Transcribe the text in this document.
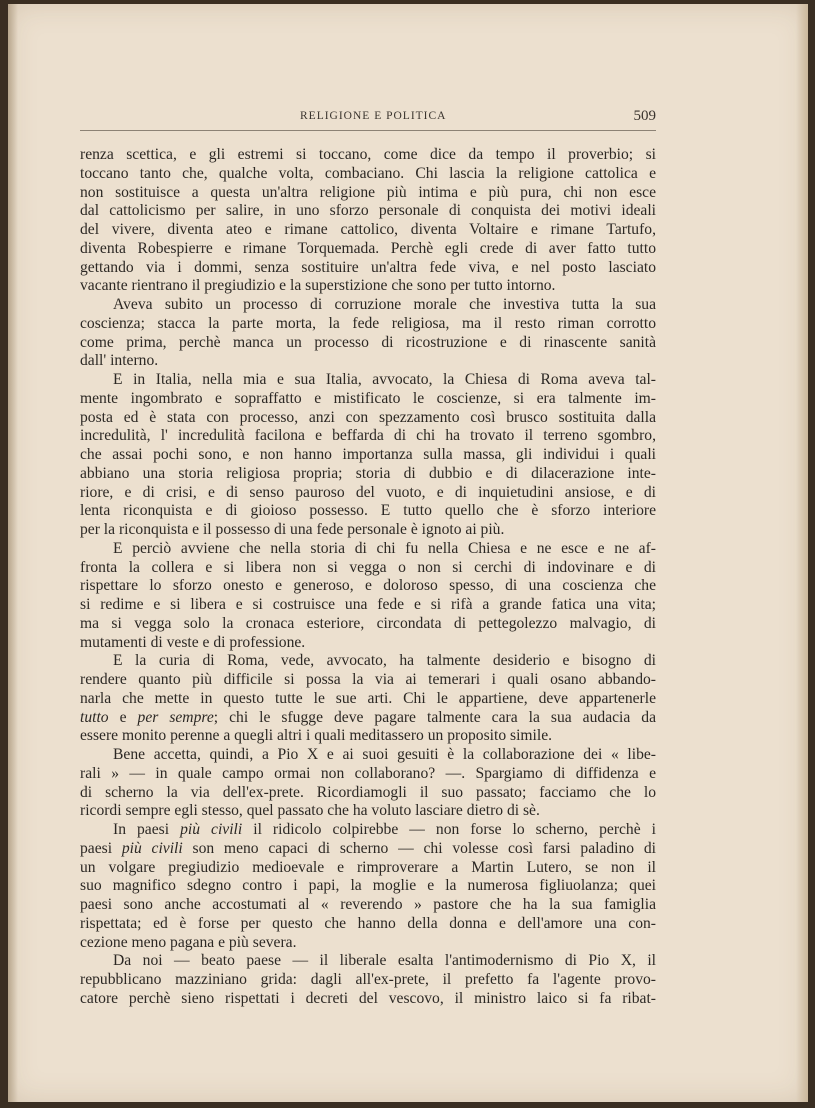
RELIGIONE E POLITICA	509
renza scettica, e gli estremi si toccano, come dice da tempo il proverbio; si
toccano tanto che, qualche volta, combaciano. Chi lascia la religione cattolica e
non sostituisce a questa un'altra religione più intima e più pura, chi non esce
dal cattolicismo per salire, in uno sforzo personale di conquista dei motivi ideali
del vivere, diventa ateo e rimane cattolico, diventa Voltaire e rimane Tartufo,
diventa Robespierre e rimane Torquemada. Perchè egli crede di aver fatto tutto
gettando via i dommi, senza sostituire un'altra fede viva, e nel posto lasciato
vacante rientrano il pregiudizio e la superstizione che sono per tutto intorno.
Aveva subito un processo di corruzione morale che investiva tutta la sua
coscienza; stacca la parte morta, la fede religiosa, ma il resto riman corrotto
come prima, perchè manca un processo di ricostruzione e di rinascente sanità
dall' interno.
E in Italia, nella mia e sua Italia, avvocato, la Chiesa di Roma aveva tal-
mente ingombrato e sopraffatto e mistificato le coscienze, si era talmente im-
posta ed è stata con processo, anzi con spezzamento così brusco sostituita dalla
incredulità, l' incredulità facilona e beffarda di chi ha trovato il terreno sgombro,
che assai pochi sono, e non hanno importanza sulla massa, gli individui i quali
abbiano una storia religiosa propria; storia di dubbio e di dilacerazione inte-
riore, e di crisi, e di senso pauroso del vuoto, e di inquietudini ansiose, e di
lenta riconquista e di gioioso possesso. E tutto quello che è sforzo interiore
per la riconquista e il possesso di una fede personale è ignoto ai più.
E perciò avviene che nella storia di chi fu nella Chiesa e ne esce e ne af-
fronta la collera e si libera non si vegga o non si cerchi di indovinare e di
rispettare lo sforzo onesto e generoso, e doloroso spesso, di una coscienza che
si redime e si libera e si costruisce una fede e si rifà a grande fatica una vita;
ma si vegga solo la cronaca esteriore, circondata di pettegolezzo malvagio, di
mutamenti di veste e di professione.
E la curia di Roma, vede, avvocato, ha talmente desiderio e bisogno di
rendere quanto più difficile si possa la via ai temerari i quali osano abbando-
narla che mette in questo tutte le sue arti. Chi le appartiene, deve appartenerle
tutto e per sempre; chi le sfugge deve pagare talmente cara la sua audacia da
essere monito perenne a quegli altri i quali meditassero un proposito simile.
Bene accetta, quindi, a Pio X e ai suoi gesuiti è la collaborazione dei « libe-
rali » — in quale campo ormai non collaborano? —. Spargiamo di diffidenza e
di scherno la via dell'ex-prete. Ricordiamogli il suo passato; facciamo che lo
ricordi sempre egli stesso, quel passato che ha voluto lasciare dietro di sè.
In paesi più civili il ridicolo colpirebbe — non forse lo scherno, perchè i
paesi più civili son meno capaci di scherno — chi volesse così farsi paladino di
un volgare pregiudizio medioevale e rimproverare a Martin Lutero, se non il
suo magnifico sdegno contro i papi, la moglie e la numerosa figliuolanza; quei
paesi sono anche accostumati al « reverendo » pastore che ha la sua famiglia
rispettata; ed è forse per questo che hanno della donna e dell'amore una con-
cezione meno pagana e più severa.
Da noi — beato paese — il liberale esalta l'antimodernismo di Pio X, il
repubblicano mazziniano grida: dagli all'ex-prete, il prefetto fa l'agente provo-
catore perchè sieno rispettati i decreti del vescovo, il ministro laico si fa ribat-
